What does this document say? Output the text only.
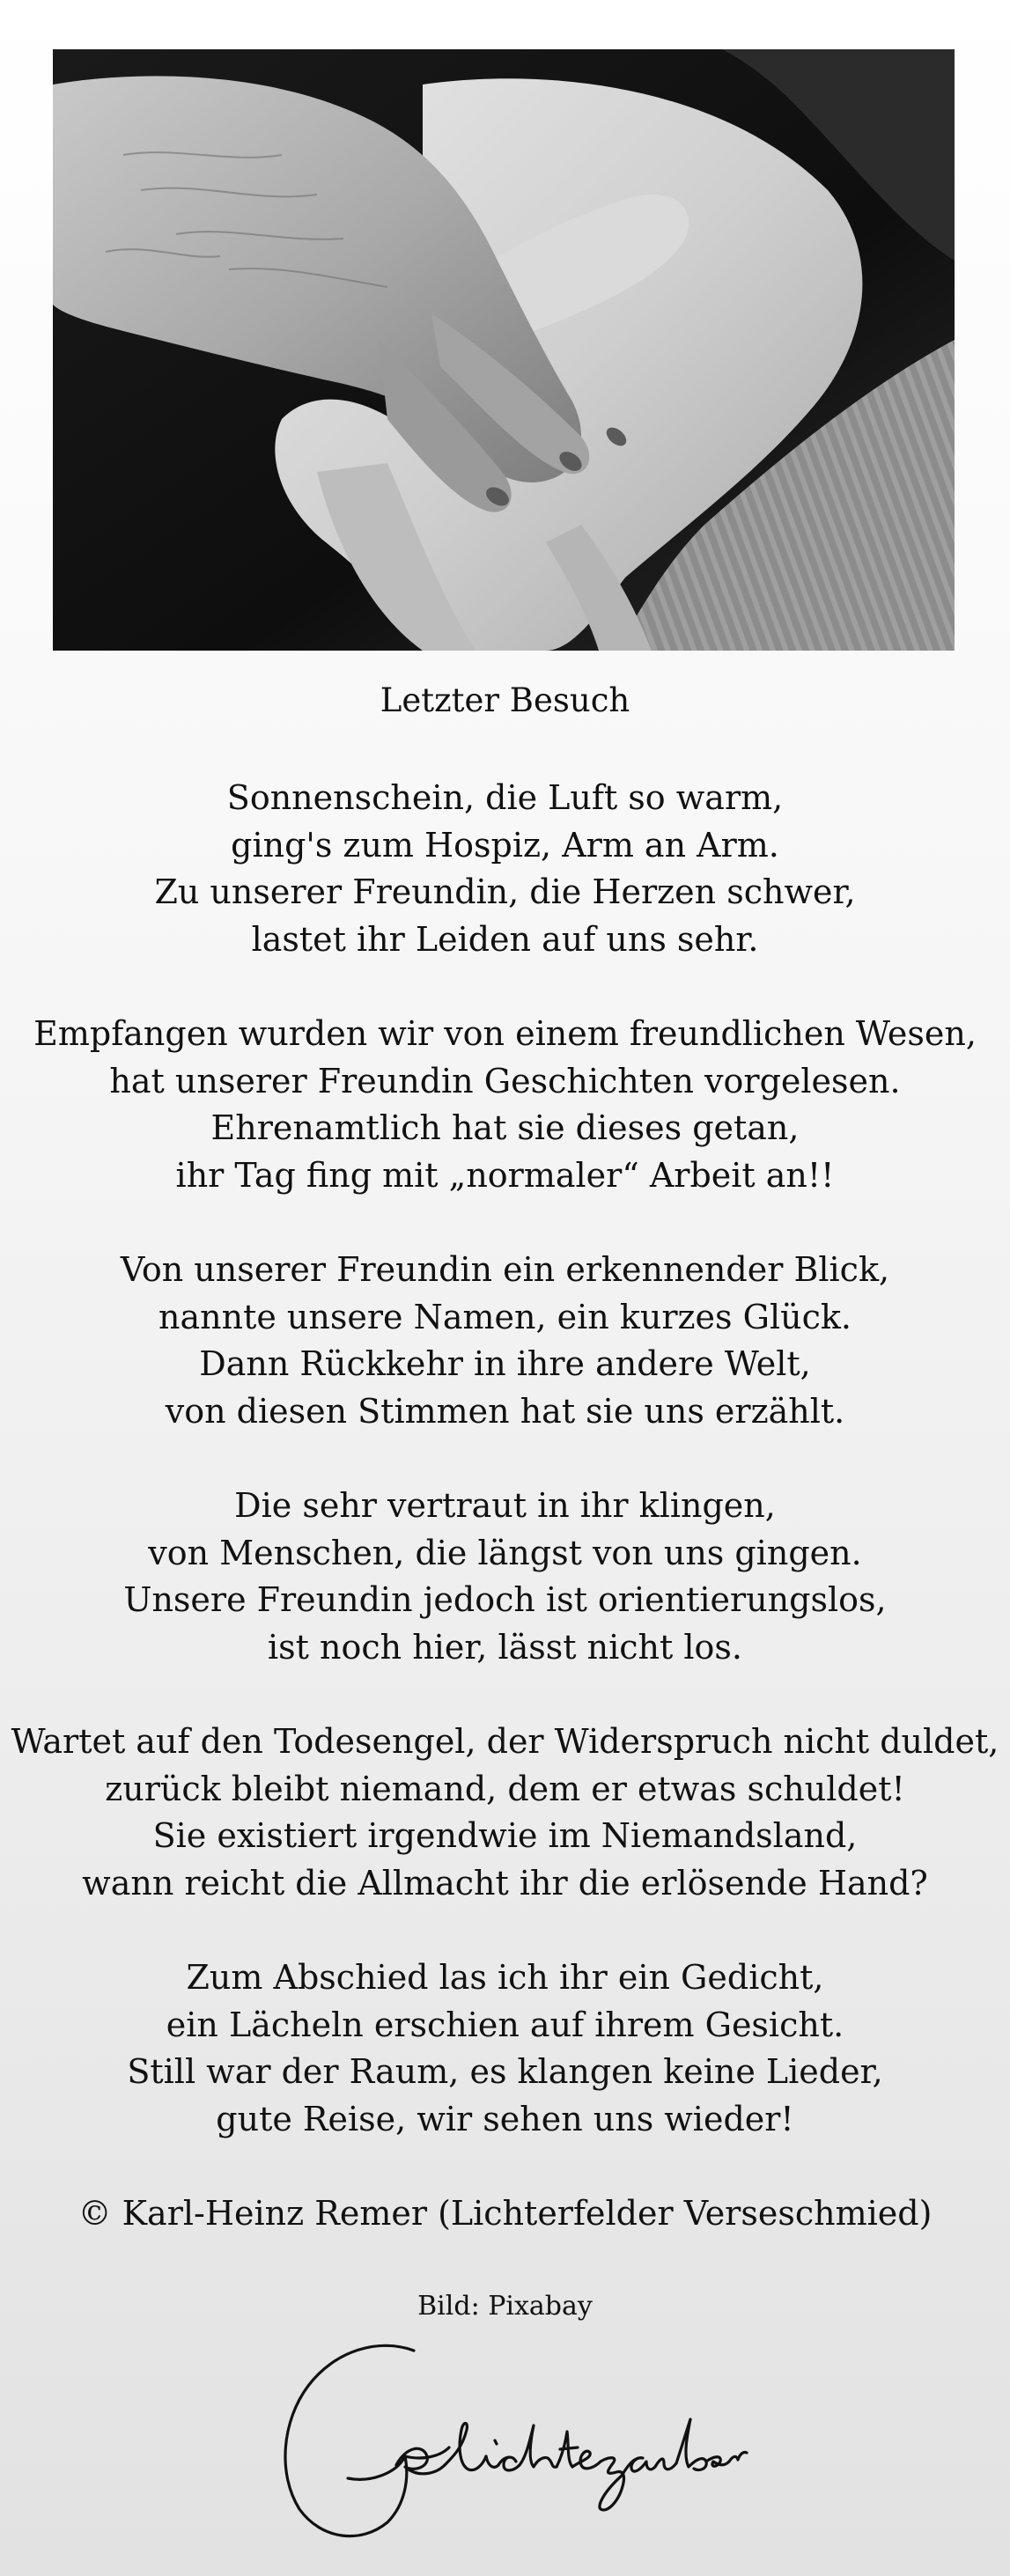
Letzter Besuch
Sonnenschein, die Luft so warm,
ging's zum Hospiz, Arm an Arm.
Zu unserer Freundin, die Herzen schwer,
lastet ihr Leiden auf uns sehr.
Empfangen wurden wir von einem freundlichen Wesen,
hat unserer Freundin Geschichten vorgelesen.
Ehrenamtlich hat sie dieses getan,
ihr Tag fing mit „normaler“ Arbeit an!!
Von unserer Freundin ein erkennender Blick,
nannte unsere Namen, ein kurzes Glück.
Dann Rückkehr in ihre andere Welt,
von diesen Stimmen hat sie uns erzählt.
Die sehr vertraut in ihr klingen,
von Menschen, die längst von uns gingen.
Unsere Freundin jedoch ist orientierungslos,
ist noch hier, lässt nicht los.
Wartet auf den Todesengel, der Widerspruch nicht duldet,
zurück bleibt niemand, dem er etwas schuldet!
Sie existiert irgendwie im Niemandsland,
wann reicht die Allmacht ihr die erlösende Hand?
Zum Abschied las ich ihr ein Gedicht,
ein Lächeln erschien auf ihrem Gesicht.
Still war der Raum, es klangen keine Lieder,
gute Reise, wir sehen uns wieder!
© Karl-Heinz Remer (Lichterfelder Verseschmied)
Bild: Pixabay
